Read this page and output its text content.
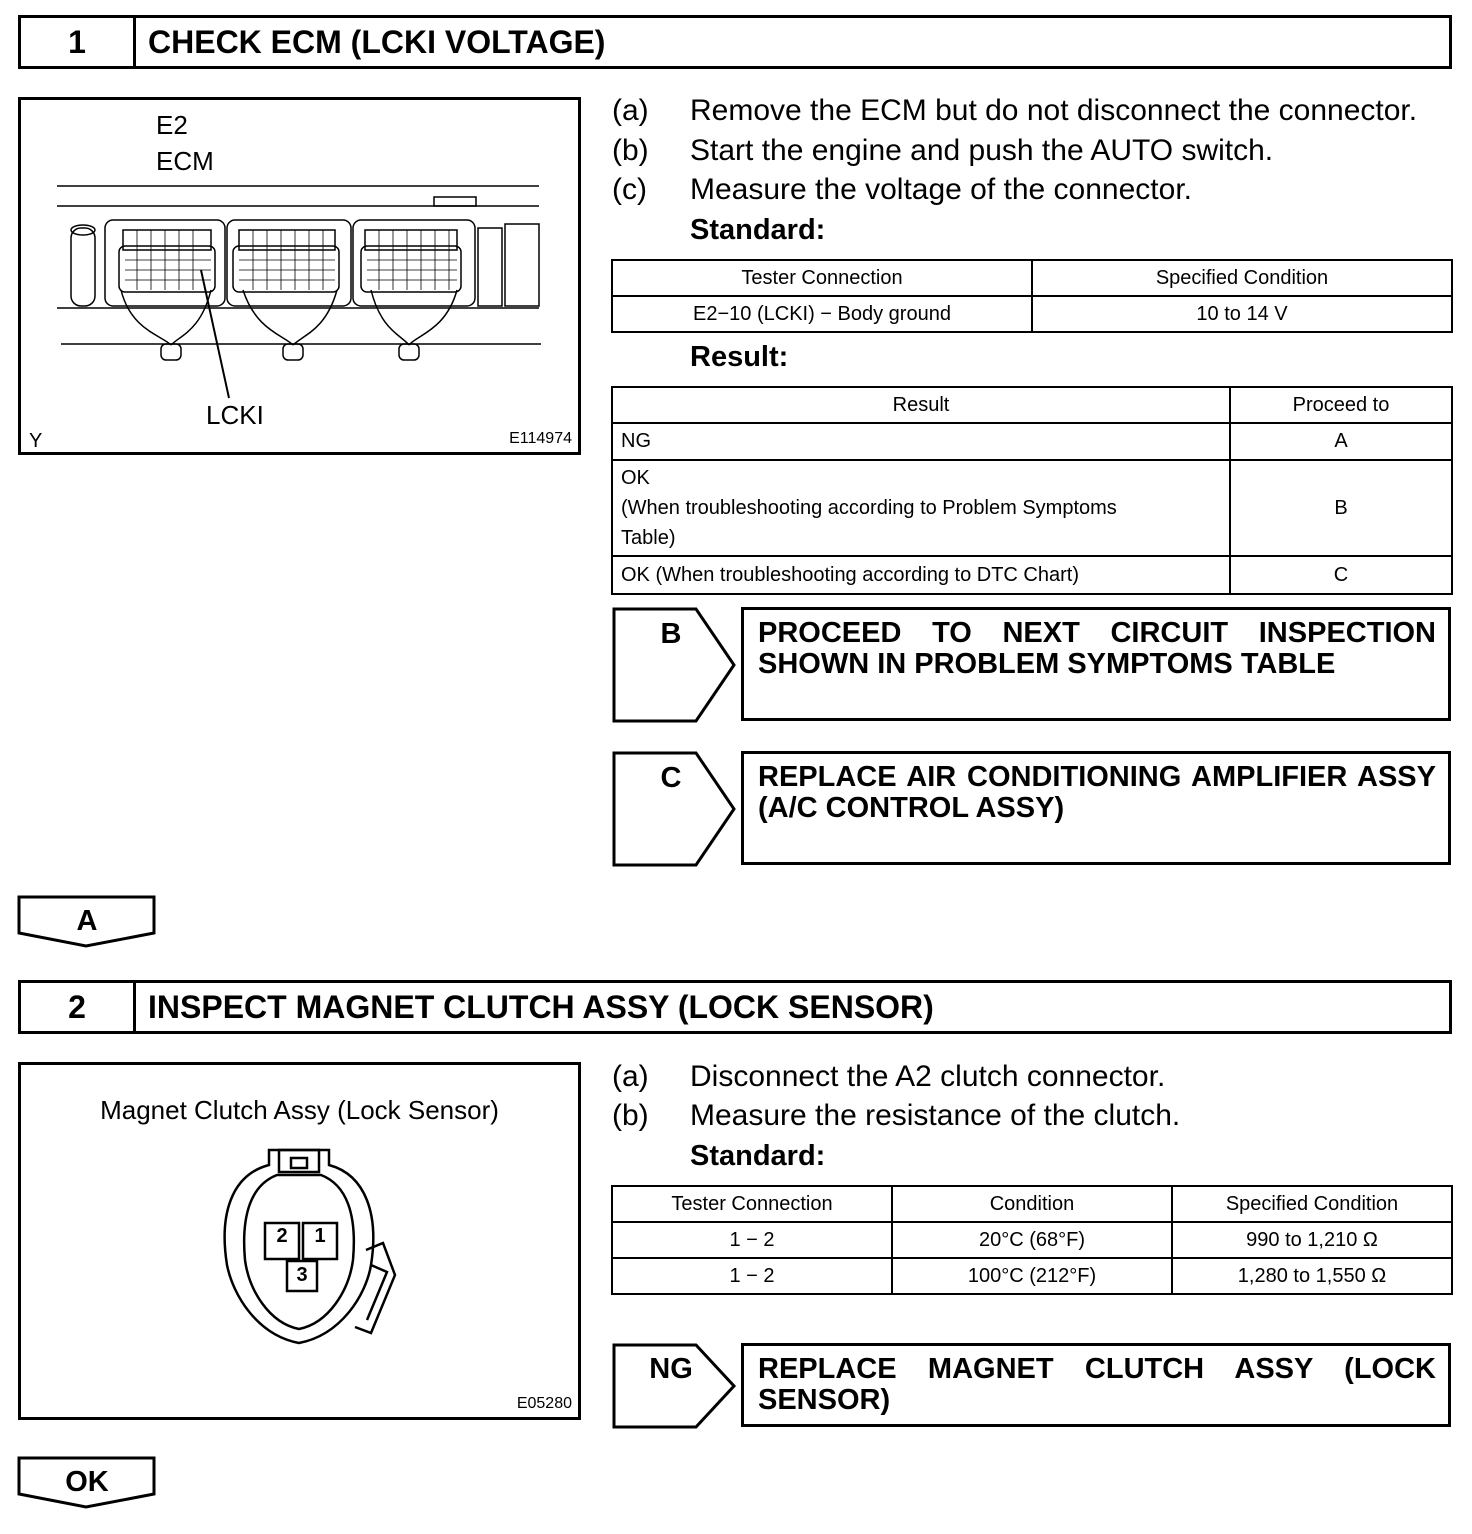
1	CHECK ECM (LCKI VOLTAGE)
E2
ECM
LCKI
Y	E114974
(a)	Remove the ECM but do not disconnect the connector.
(b)	Start the engine and push the AUTO switch.
(c)	Measure the voltage of the connector.
Standard:
Tester Connection	Specified Condition
E2−10 (LCKI) − Body ground	10 to 14 V
Result:
Result	Proceed to

NG	A

OK
(When troubleshooting according to Problem Symptoms
Table)	B

OK (When troubleshooting according to DTC Chart)	C
B	PROCEED TO NEXT CIRCUIT INSPECTION SHOWN IN PROBLEM SYMPTOMS TABLE
C	REPLACE AIR CONDITIONING AMPLIFIER ASSY (A/C CONTROL ASSY)
A
2	INSPECT MAGNET CLUTCH ASSY (LOCK SENSOR)
Magnet Clutch Assy (Lock Sensor)
2	1
3
E05280
(a)	Disconnect the A2 clutch connector.
(b)	Measure the resistance of the clutch.
Standard:
Tester Connection	Condition	Specified Condition
1 − 2	20°C (68°F)	990 to 1,210 Ω
1 − 2	100°C (212°F)	1,280 to 1,550 Ω
NG	REPLACE MAGNET CLUTCH ASSY (LOCK SENSOR)
OK
